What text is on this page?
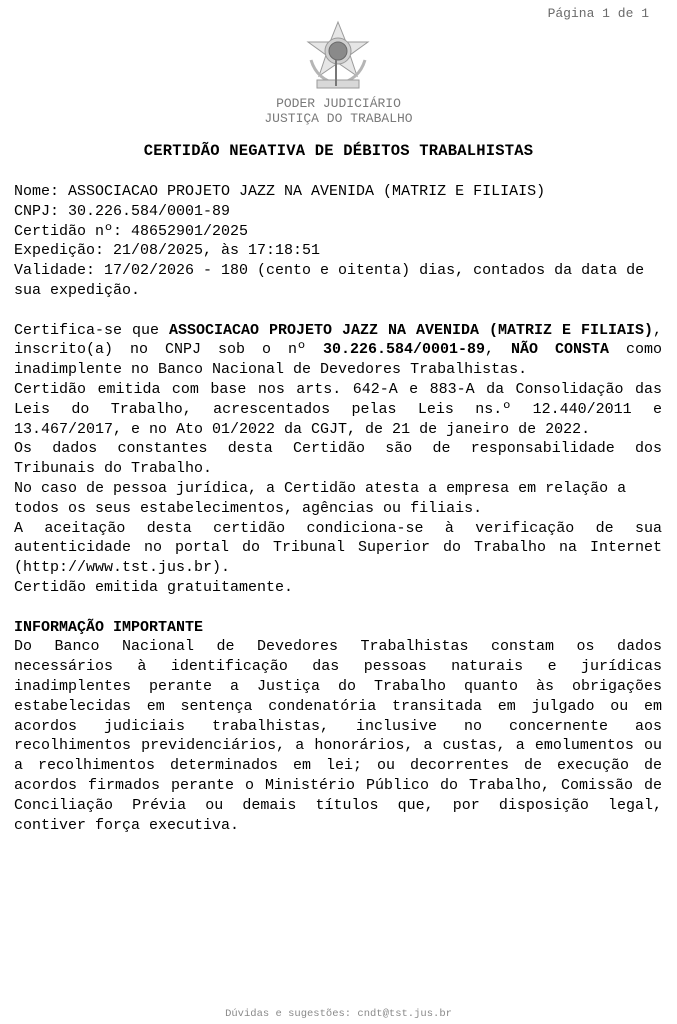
Página 1 de 1
PODER JUDICIÁRIO
JUSTIÇA DO TRABALHO
CERTIDÃO NEGATIVA DE DÉBITOS TRABALHISTAS

Nome: ASSOCIACAO PROJETO JAZZ NA AVENIDA (MATRIZ E FILIAIS)

CNPJ: 30.226.584/0001-89

Certidão nº: 48652901/2025

Expedição: 21/08/2025, às 17:18:51

Validade: 17/02/2026 - 180 (cento e oitenta) dias, contados da data de sua expedição.

Certifica-se que ASSOCIACAO PROJETO JAZZ NA AVENIDA (MATRIZ E FILIAIS), inscrito(a) no CNPJ sob o nº 30.226.584/0001-89, NÃO CONSTA como inadimplente no Banco Nacional de Devedores Trabalhistas.

Certidão emitida com base nos arts. 642-A e 883-A da Consolidação das Leis do Trabalho, acrescentados pelas Leis ns.º 12.440/2011 e 13.467/2017, e no Ato 01/2022 da CGJT, de 21 de janeiro de 2022.

Os dados constantes desta Certidão são de responsabilidade dos Tribunais do Trabalho.

No caso de pessoa jurídica, a Certidão atesta a empresa em relação a todos os seus estabelecimentos, agências ou filiais.

A aceitação desta certidão condiciona-se à verificação de sua autenticidade no portal do Tribunal Superior do Trabalho na Internet (http://www.tst.jus.br).

Certidão emitida gratuitamente.

INFORMAÇÃO IMPORTANTE

Do Banco Nacional de Devedores Trabalhistas constam os dados necessários à identificação das pessoas naturais e jurídicas inadimplentes perante a Justiça do Trabalho quanto às obrigações estabelecidas em sentença condenatória transitada em julgado ou em acordos judiciais trabalhistas, inclusive no concernente aos recolhimentos previdenciários, a honorários, a custas, a emolumentos ou a recolhimentos determinados em lei; ou decorrentes de execução de acordos firmados perante o Ministério Público do Trabalho, Comissão de Conciliação Prévia ou demais títulos que, por disposição legal, contiver força executiva.

Dúvidas e sugestões: cndt@tst.jus.br
